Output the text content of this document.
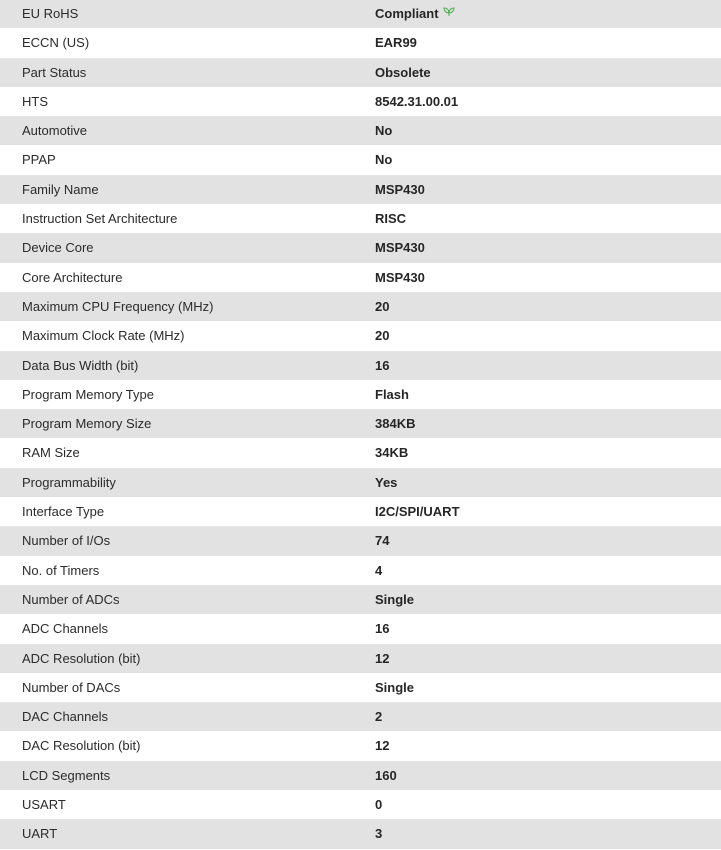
EU RoHS	Compliant
ECCN (US)	EAR99
Part Status	Obsolete
HTS	8542.31.00.01
Automotive	No
PPAP	No
Family Name	MSP430
Instruction Set Architecture	RISC
Device Core	MSP430
Core Architecture	MSP430
Maximum CPU Frequency (MHz)	20
Maximum Clock Rate (MHz)	20
Data Bus Width (bit)	16
Program Memory Type	Flash
Program Memory Size	384KB
RAM Size	34KB
Programmability	Yes
Interface Type	I2C/SPI/UART
Number of I/Os	74
No. of Timers	4
Number of ADCs	Single
ADC Channels	16
ADC Resolution (bit)	12
Number of DACs	Single
DAC Channels	2
DAC Resolution (bit)	12
LCD Segments	160
USART	0
UART	3
